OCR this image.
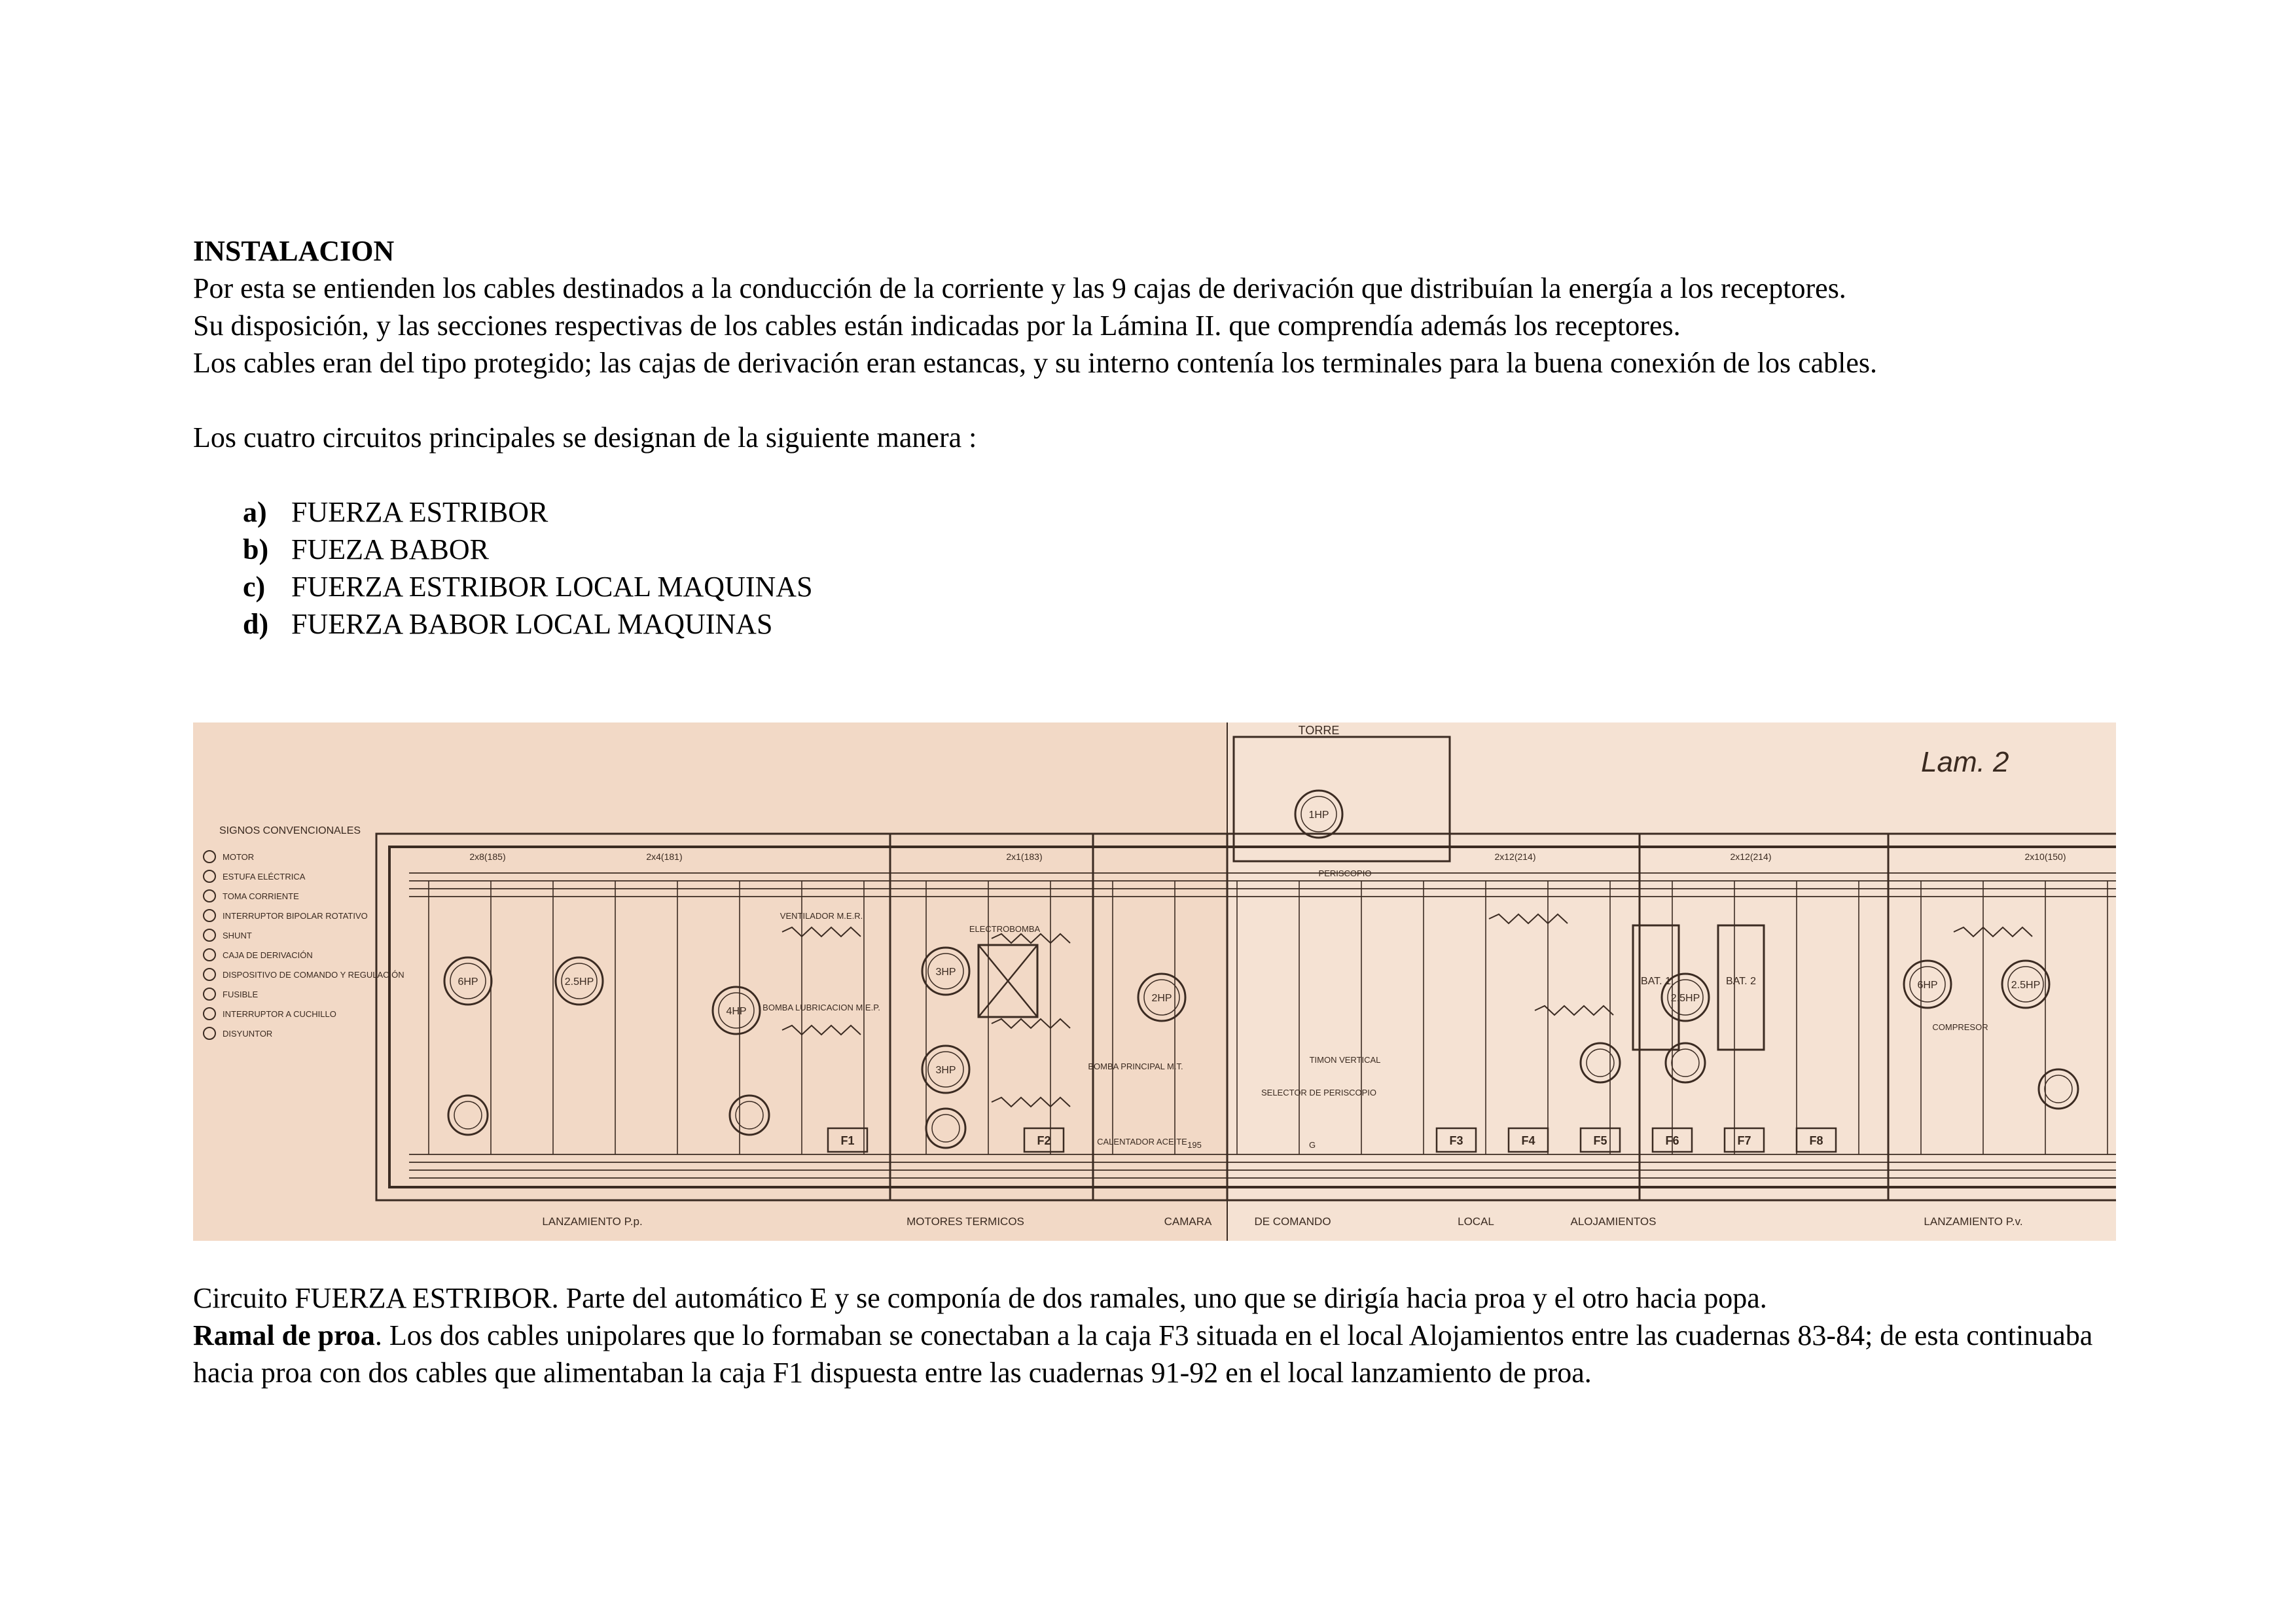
INSTALACION

Por esta se entienden los cables destinados a la conducción de la corriente y las 9 cajas de derivación que distribuían la energía a los receptores.

Su disposición, y las secciones respectivas de los cables están indicadas por la Lámina II. que comprendía además los receptores.

Los cables eran del tipo protegido; las cajas de derivación eran estancas, y su interno contenía los terminales para la buena conexión de los cables.

Los cuatro circuitos principales se designan de la siguiente manera :

a) FUERZA ESTRIBOR
b) FUEZA BABOR
c) FUERZA ESTRIBOR LOCAL MAQUINAS
d) FUERZA BABOR LOCAL MAQUINAS
Lam. 2
TORRE
SIGNOS CONVENCIONALES
MOTOR
ESTUFA ELÉCTRICA
TOMA CORRIENTE
INTERRUPTOR BIPOLAR ROTATIVO
SHUNT
CAJA DE DERIVACIÓN
DISPOSITIVO DE COMANDO Y REGULACIÓN
FUSIBLE
INTERRUPTOR A CUCHILLO
DISYUNTOR
2x8(185)	2x4(181)	2x1(183)	2x12(214)	2x12(214)	2x10(150)
6HP	2.5HP
4HP
3HP
3HP
2HP
1HP
2.5HP
6HP	2.5HP
F1	F2	F3	F4	F5	F6	F7	F8
BAT. 1	BAT. 2
VENTILADOR M.E.R.
BOMBA LUBRICACION M.E.P.
BOMBA PRINCIPAL M.T.
CALENTADOR ACEITE
ELECTROBOMBA
PERISCOPIO
COMPRESOR
TIMON VERTICAL
SELECTOR DE PERISCOPIO
G
195
LANZAMIENTO P.p.	MOTORES TERMICOS	CAMARA	DE COMANDO	LOCAL	ALOJAMIENTOS	LANZAMIENTO P.v.

Circuito FUERZA ESTRIBOR. Parte del automático E y se componía de dos ramales, uno que se dirigía hacia proa y el otro hacia popa.

Ramal de proa. Los dos cables unipolares que lo formaban se conectaban a la caja F3 situada en el local Alojamientos entre las cuadernas 83-84; de esta continuaba hacia proa con dos cables que alimentaban la caja F1 dispuesta entre las cuadernas 91-92 en el local lanzamiento de proa.
